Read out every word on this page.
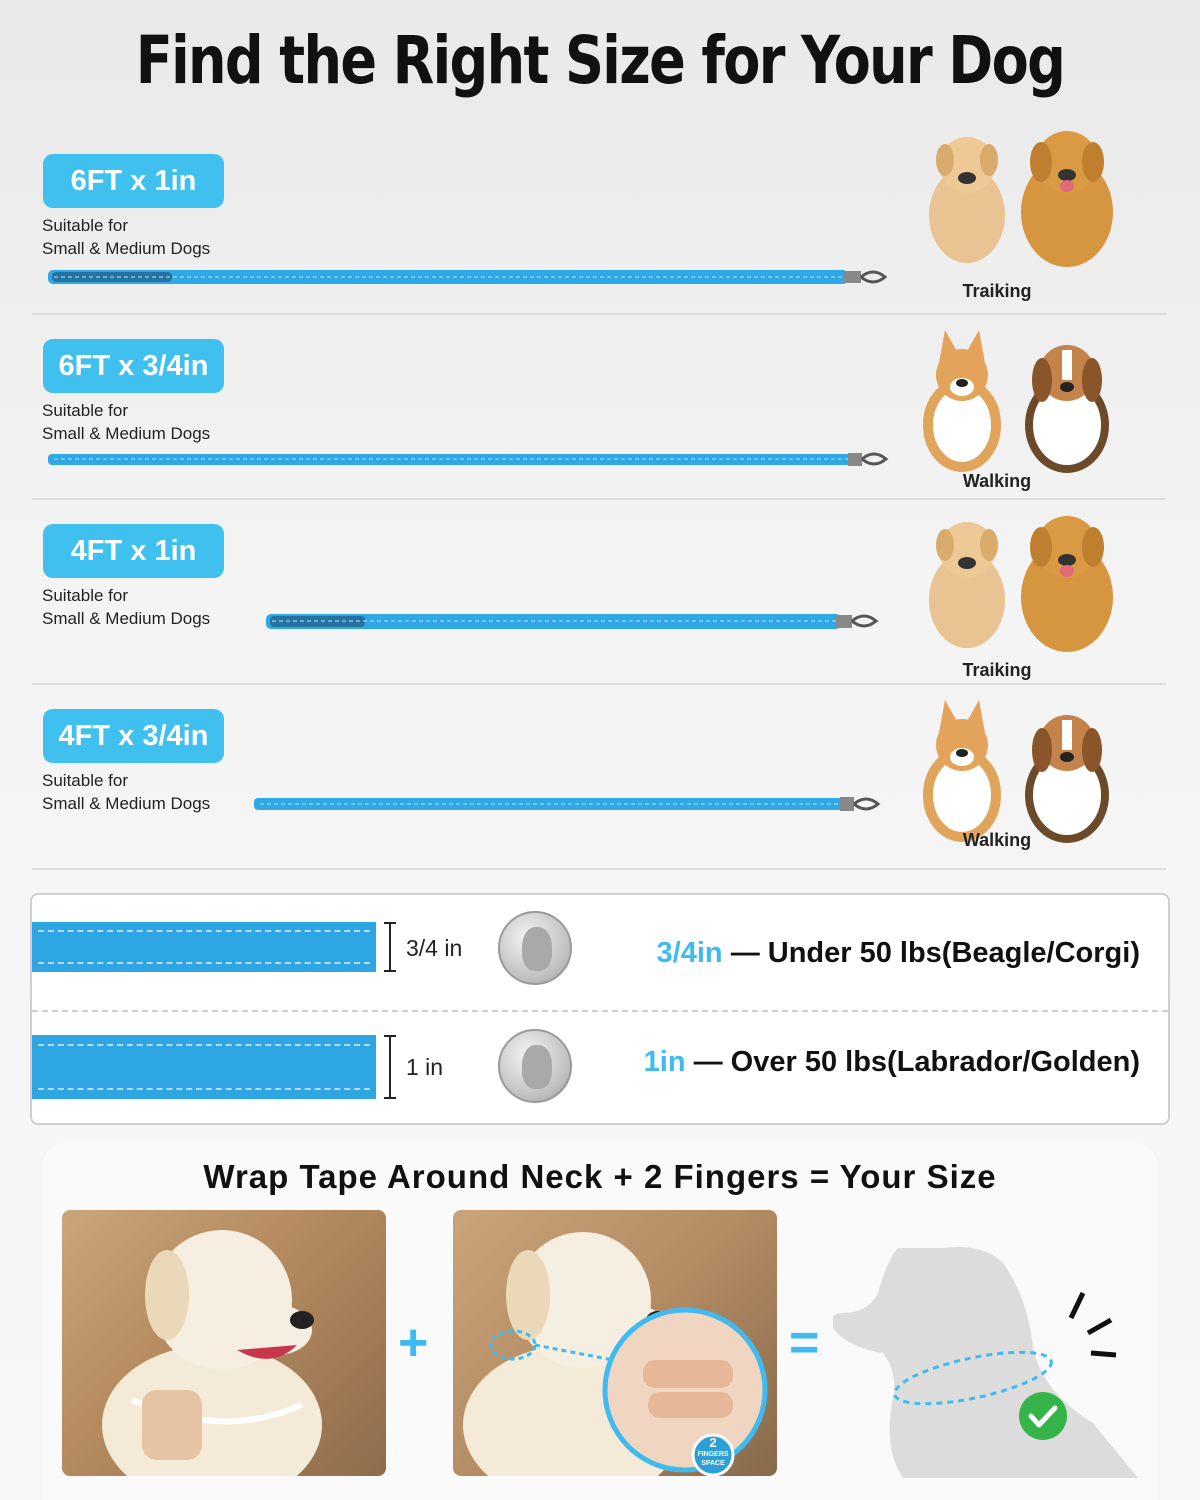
Find the Right Size for Your Dog
6FT x 1in
Suitable for
Small & Medium Dogs
Traiking
6FT x 3/4in
Suitable for
Small & Medium Dogs
Walking
4FT x 1in
Suitable for
Small & Medium Dogs
Traiking
4FT x 3/4in
Suitable for
Small & Medium Dogs
Walking
3/4 in	3/4in — Under 50 lbs(Beagle/Corgi)
1 in	1in — Over 50 lbs(Labrador/Golden)
Wrap Tape Around Neck + 2 Fingers = Your Size
+
2
FINGERS
SPACE
=
